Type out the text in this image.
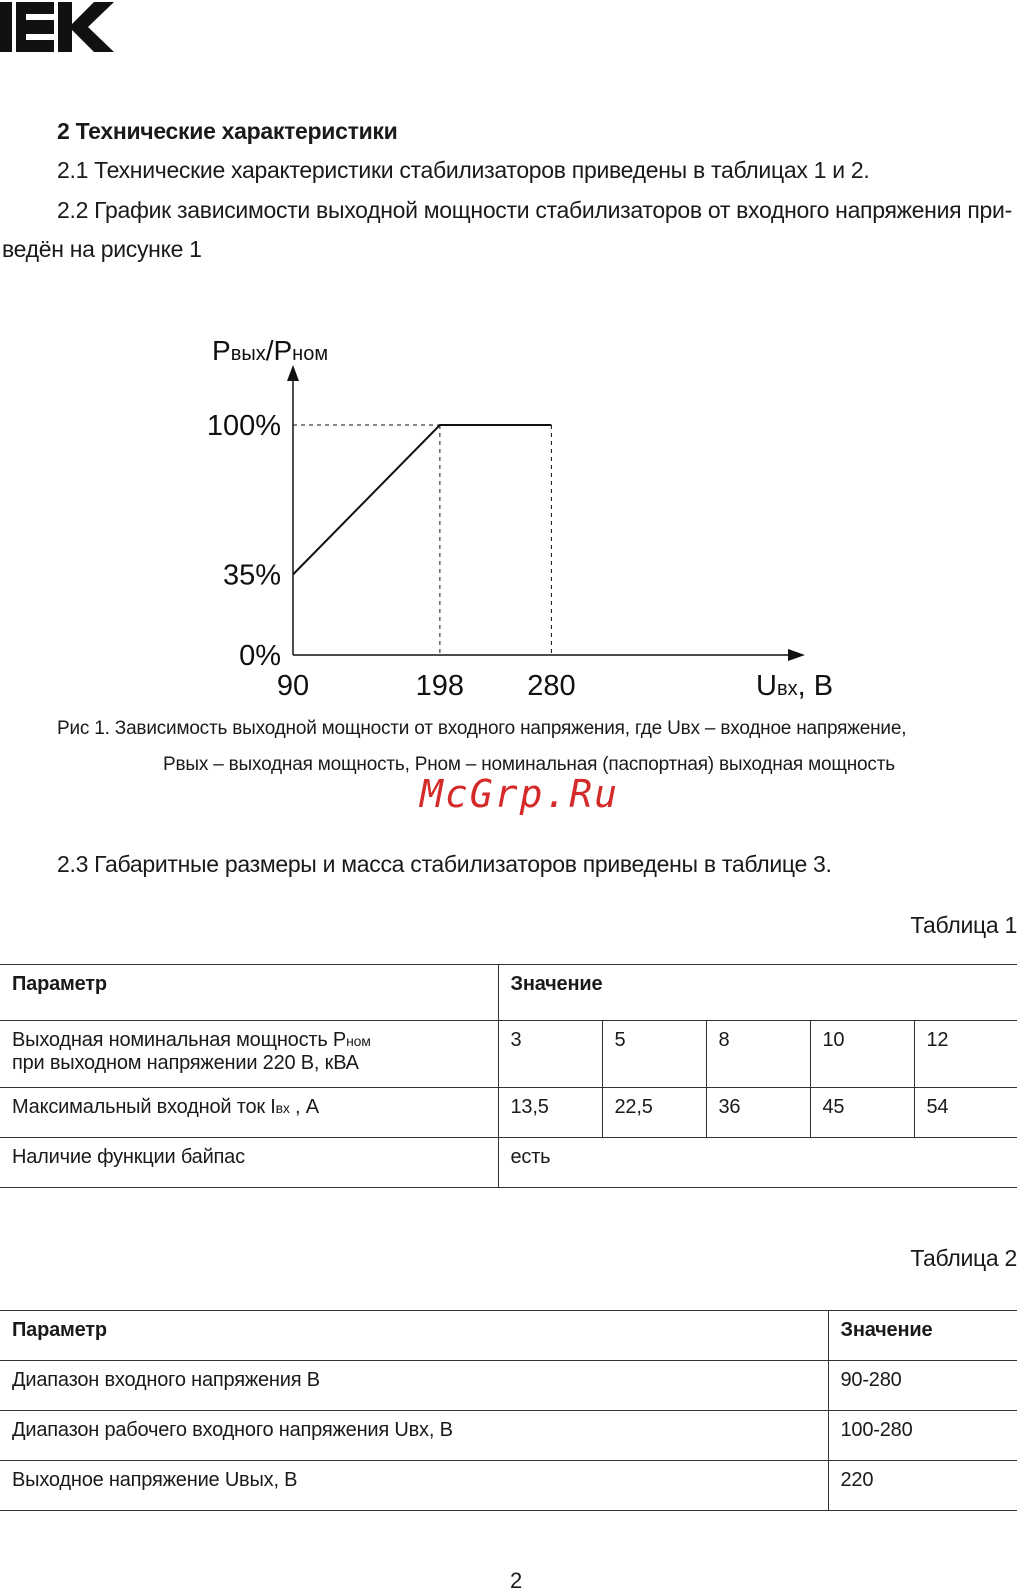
2 Технические характеристики
2.1 Технические характеристики стабилизаторов приведены в таблицах 1 и 2.
2.2 График зависимости выходной мощности стабилизаторов от входного напряжения при-
ведён на рисунке 1
Pвых/Pном
90	198 280
0%
35%
100%
Uвх, В
Рис 1. Зависимость выходной мощности от входного напряжения, где Uвх – входное напряжение,
Рвых – выходная мощность, Рном – номинальная (паспортная) выходная мощность
McGrp.Ru
2.3 Габаритные размеры и масса стабилизаторов приведены в таблице 3.
Таблица 1
Параметр	Значение				
Выходная номинальная мощность Pном
при выходном напряжении 220 В, кВА	3	5	8	10	12
Максимальный входной ток Iвх , А	13,5	22,5	36	45	54
Наличие функции байпас	есть				
Таблица 2
Параметр	Значение
Диапазон входного напряжения В	90-280
Диапазон рабочего входного напряжения Uвх, В	100-280
Выходное напряжение Uвых, В	220
2
